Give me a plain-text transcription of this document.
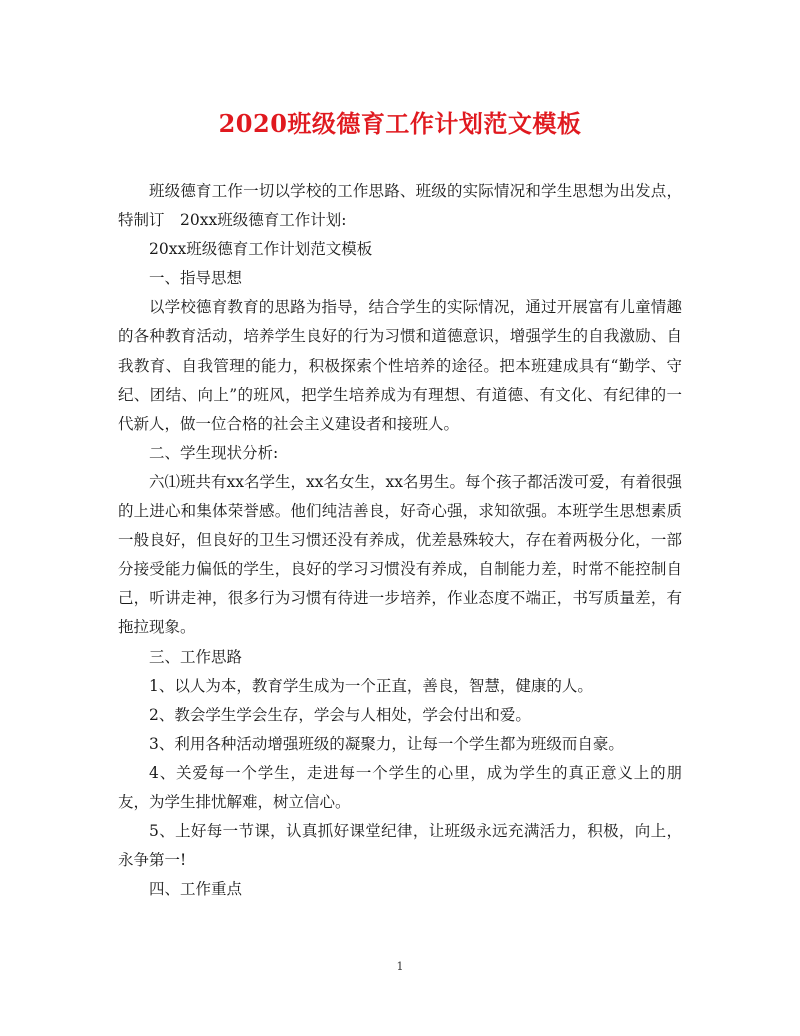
2020班级德育工作计划范文模板

班级德育工作一切以学校的工作思路、班级的实际情况和学生思想为出发点，特制订　20xx班级德育工作计划:

20xx班级德育工作计划范文模板

一、指导思想

以学校德育教育的思路为指导，结合学生的实际情况，通过开展富有儿童情趣的各种教育活动，培养学生良好的行为习惯和道德意识，增强学生的自我激励、自我教育、自我管理的能力，积极探索个性培养的途径。把本班建成具有“勤学、守纪、团结、向上”的班风，把学生培养成为有理想、有道德、有文化、有纪律的一代新人，做一位合格的社会主义建设者和接班人。

二、学生现状分析:

六⑴班共有xx名学生，xx名女生，xx名男生。每个孩子都活泼可爱，有着很强的上进心和集体荣誉感。他们纯洁善良，好奇心强，求知欲强。本班学生思想素质一般良好，但良好的卫生习惯还没有养成，优差悬殊较大，存在着两极分化，一部分接受能力偏低的学生，良好的学习习惯没有养成，自制能力差，时常不能控制自己，听讲走神，很多行为习惯有待进一步培养，作业态度不端正，书写质量差，有拖拉现象。

三、工作思路

1、以人为本，教育学生成为一个正直，善良，智慧，健康的人。

2、教会学生学会生存，学会与人相处，学会付出和爱。

3、利用各种活动增强班级的凝聚力，让每一个学生都为班级而自豪。

4、关爱每一个学生，走进每一个学生的心里，成为学生的真正意义上的朋友，为学生排忧解难，树立信心。

5、上好每一节课，认真抓好课堂纪律，让班级永远充满活力，积极，向上，永争第一!

四、工作重点

1
